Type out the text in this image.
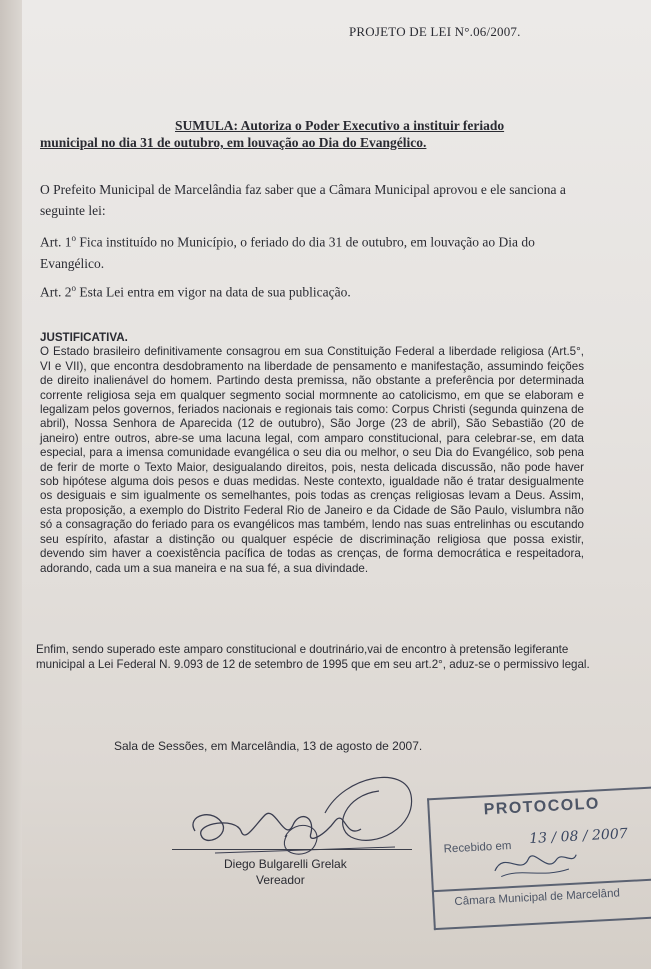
PROJETO DE LEI N°.06/2007.
SUMULA: Autoriza o Poder Executivo a instituir feriado
municipal no dia 31 de outubro, em louvação ao Dia do Evangélico.
O Prefeito Municipal de Marcelândia faz saber que a Câmara Municipal aprovou e ele sanciona a seguinte lei:
Art. 1$^o$ Fica instituído no Município, o feriado do dia 31 de outubro, em louvação ao Dia do Evangélico.
Art. 2$^o$ Esta Lei entra em vigor na data de sua publicação.
JUSTIFICATIVA.
O Estado brasileiro definitivamente consagrou em sua Constituição Federal a liberdade religiosa (Art.5°, VI e VII), que encontra desdobramento na liberdade de pensamento e manifestação, assumindo feições de direito inalienável do homem. Partindo desta premissa, não obstante a preferência por determinada corrente religiosa seja em qualquer segmento social mormnente ao catolicismo, em que se elaboram e legalizam pelos governos, feriados nacionais e regionais tais como: Corpus Christi (segunda quinzena de abril), Nossa Senhora de Aparecida (12 de outubro), São Jorge (23 de abril), São Sebastião (20 de janeiro) entre outros, abre-se uma lacuna legal, com amparo constitucional, para celebrar-se, em data especial, para a imensa comunidade evangélica o seu dia ou melhor, o seu Dia do Evangélico, sob pena de ferir de morte o Texto Maior, desigualando direitos, pois, nesta delicada discussão, não pode haver sob hipótese alguma dois pesos e duas medidas. Neste contexto, igualdade não é tratar desigualmente os desiguais e sim igualmente os semelhantes, pois todas as crenças religiosas levam a Deus. Assim, esta proposição, a exemplo do Distrito Federal Rio de Janeiro e da Cidade de São Paulo, vislumbra não só a consagração do feriado para os evangélicos mas também, lendo nas suas entrelinhas ou escutando seu espírito, afastar a distinção ou qualquer espécie de discriminação religiosa que possa existir, devendo sim haver a coexistência pacífica de todas as crenças, de forma democrática e respeitadora, adorando, cada um a sua maneira e na sua fé, a sua divindade.
Enfim, sendo superado este amparo constitucional e doutrinário,vai de encontro à pretensão legiferante municipal a Lei Federal N. 9.093 de 12 de setembro de 1995 que em seu art.2°, aduz-se o permissivo legal.
Sala de Sessões, em Marcelândia, 13 de agosto de 2007.
Diego Bulgarelli Grelak
Vereador
PROTOCOLO
Recebido em
13 / 08 / 2007
Câmara Municipal de Marcelând
